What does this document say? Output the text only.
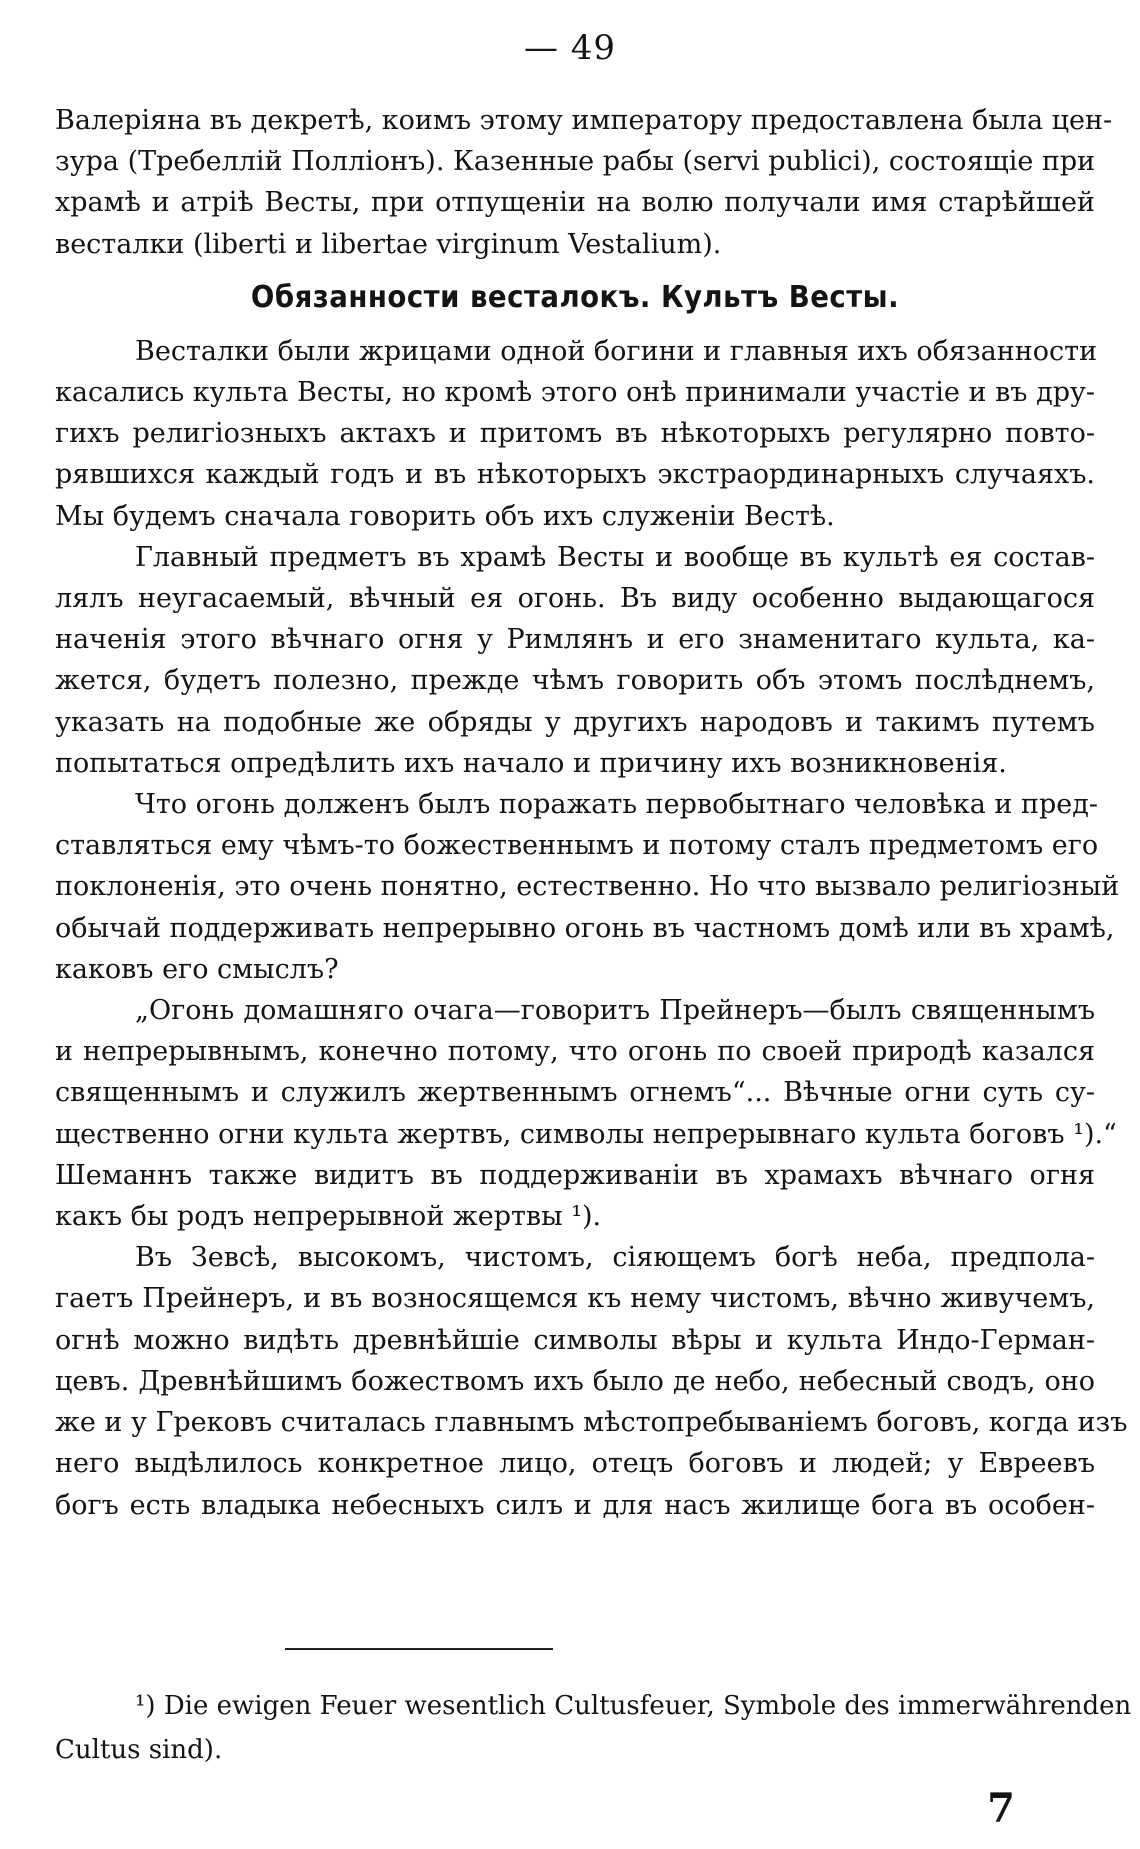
— 49
Валеріяна въ декретѣ, коимъ этому императору предоставлена была цен-
зура (Требеллій Полліонъ). Казенные рабы (servi publici), состоящіе при
храмѣ и атріѣ Весты, при отпущеніи на волю получали имя старѣйшей
весталки (liberti и libertae virginum Vestalium).
Обязанности весталокъ. Культъ Весты.
Весталки были жрицами одной богини и главныя ихъ обязанности
касались культа Весты, но кромѣ этого онѣ принимали участіе и въ дру-
гихъ религіозныхъ актахъ и притомъ въ нѣкоторыхъ регулярно повто-
рявшихся каждый годъ и въ нѣкоторыхъ экстраординарныхъ случаяхъ.
Мы будемъ сначала говорить объ ихъ служеніи Вестѣ.
Главный предметъ въ храмѣ Весты и вообще въ культѣ ея состав-
лялъ неугасаемый, вѣчный ея огонь. Въ виду особенно выдающагося
наченія этого вѣчнаго огня у Римлянъ и его знаменитаго культа, ка-
жется, будетъ полезно, прежде чѣмъ говорить объ этомъ послѣднемъ,
указать на подобные же обряды у другихъ народовъ и такимъ путемъ
попытаться опредѣлить ихъ начало и причину ихъ возникновенія.
Что огонь долженъ былъ поражать первобытнаго человѣка и пред-
ставляться ему чѣмъ-то божественнымъ и потому сталъ предметомъ его
поклоненія, это очень понятно, естественно. Но что вызвало религіозный
обычай поддерживать непрерывно огонь въ частномъ домѣ или въ храмѣ,
каковъ его смыслъ?
„Огонь домашняго очага—говоритъ Прейнеръ—былъ священнымъ
и непрерывнымъ, конечно потому, что огонь по своей природѣ казался
священнымъ и служилъ жертвеннымъ огнемъ“... Вѣчные огни суть су-
щественно огни культа жертвъ, символы непрерывнаго культа боговъ ¹).“
Шеманнъ также видитъ въ поддерживаніи въ храмахъ вѣчнаго огня
какъ бы родъ непрерывной жертвы ¹).
Въ Зевсѣ, высокомъ, чистомъ, сіяющемъ богѣ неба, предпола-
гаетъ Прейнеръ, и въ возносящемся къ нему чистомъ, вѣчно живучемъ,
огнѣ можно видѣть древнѣйшіе символы вѣры и культа Индо-Герман-
цевъ. Древнѣйшимъ божествомъ ихъ было де небо, небесный сводъ, оно
же и у Грековъ считалась главнымъ мѣстопребываніемъ боговъ, когда изъ
него выдѣлилось конкретное лицо, отецъ боговъ и людей; у Евреевъ
богъ есть владыка небесныхъ силъ и для насъ жилище бога въ особен-
¹) Die ewigen Feuer wesentlich Cultusfeuer, Symbole des immerwährenden
Cultus sind).
7
